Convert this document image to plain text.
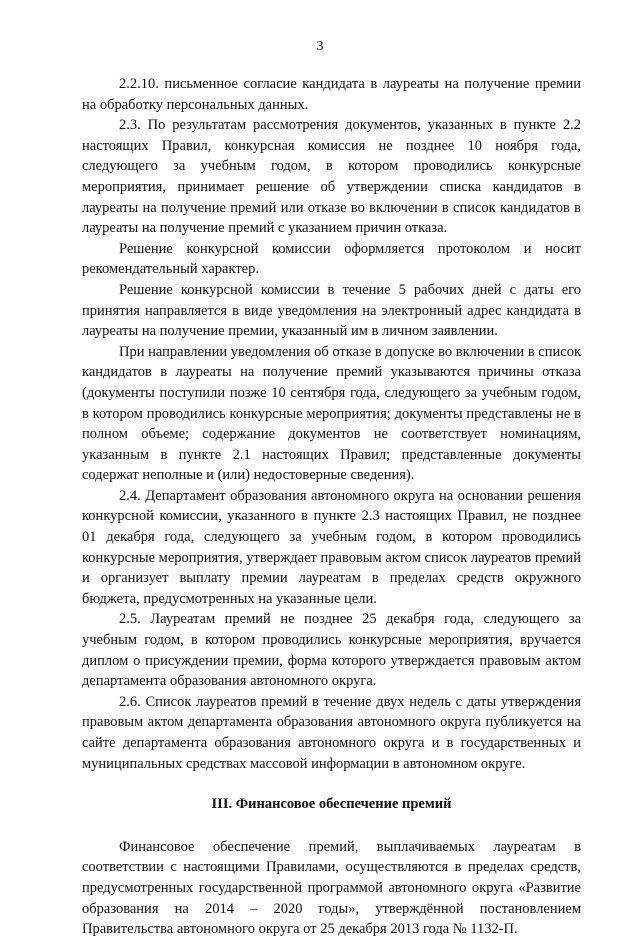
3

2.2.10. письменное согласие кандидата в лауреаты на получение премии на обработку персональных данных.

2.3. По результатам рассмотрения документов, указанных в пункте 2.2 настоящих Правил, конкурсная комиссия не позднее 10 ноября года, следующего за учебным годом, в котором проводились конкурсные мероприятия, принимает решение об утверждении списка кандидатов в лауреаты на получение премий или отказе во включении в список кандидатов в лауреаты на получение премий с указанием причин отказа.

Решение конкурсной комиссии оформляется протоколом и носит рекомендательный характер.

Решение конкурсной комиссии в течение 5 рабочих дней с даты его принятия направляется в виде уведомления на электронный адрес кандидата в лауреаты на получение премии, указанный им в личном заявлении.

При направлении уведомления об отказе в допуске во включении в список кандидатов в лауреаты на получение премий указываются причины отказа (документы поступили позже 10 сентября года, следующего за учебным годом, в котором проводились конкурсные мероприятия; документы представлены не в полном объеме; содержание документов не соответствует номинациям, указанным в пункте 2.1 настоящих Правил; представленные документы содержат неполные и (или) недостоверные сведения).

2.4. Департамент образования автономного округа на основании решения конкурсной комиссии, указанного в пункте 2.3 настоящих Правил, не позднее 01 декабря года, следующего за учебным годом, в котором проводились конкурсные мероприятия, утверждает правовым актом список лауреатов премий и организует выплату премии лауреатам в пределах средств окружного бюджета, предусмотренных на указанные цели.

2.5. Лауреатам премий не позднее 25 декабря года, следующего за учебным годом, в котором проводились конкурсные мероприятия, вручается диплом о присуждении премии, форма которого утверждается правовым актом департамента образования автономного округа.

2.6. Список лауреатов премий в течение двух недель с даты утверждения правовым актом департамента образования автономного округа публикуется на сайте департамента образования автономного округа и в государственных и муниципальных средствах массовой информации в автономном округе.

III. Финансовое обеспечение премий

Финансовое обеспечение премий, выплачиваемых лауреатам в соответствии с настоящими Правилами, осуществляются в пределах средств, предусмотренных государственной программой автономного округа «Развитие образования на 2014 – 2020 годы», утверждённой постановлением Правительства автономного округа от 25 декабря 2013 года № 1132-П.
